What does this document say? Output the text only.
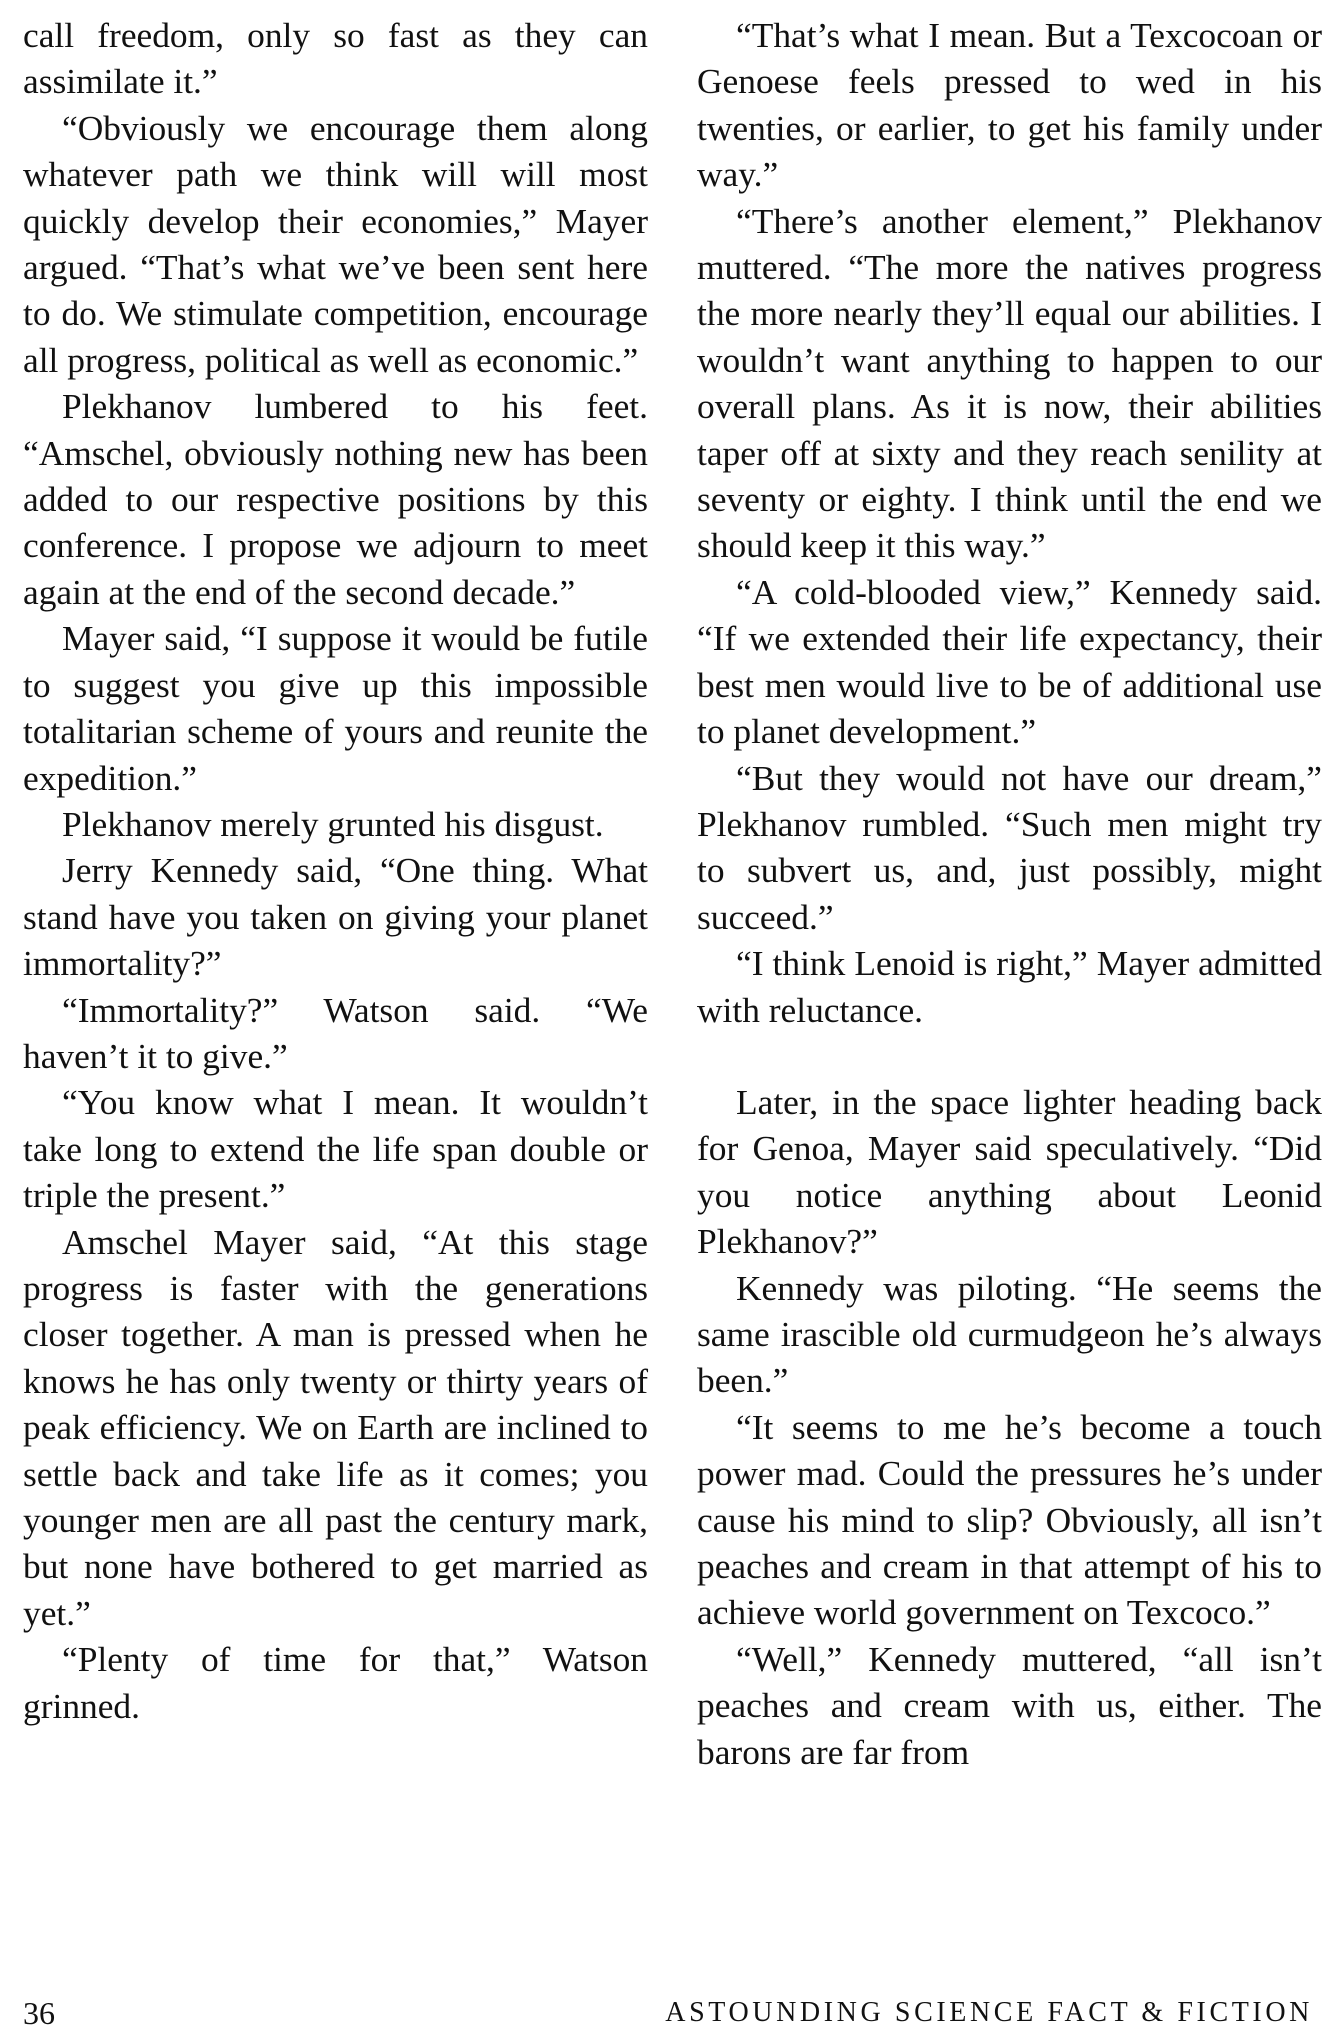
call freedom, only so fast as they can assimilate it.”

“Obviously we encourage them along whatever path we think will will most quickly develop their economies,” Mayer argued. “That’s what we’ve been sent here to do. We stimulate competition, encourage all progress, political as well as economic.”

Plekhanov lumbered to his feet. “Amschel, obviously nothing new has been added to our respective positions by this conference. I propose we adjourn to meet again at the end of the second decade.”

Mayer said, “I suppose it would be futile to suggest you give up this impossible totalitarian scheme of yours and reunite the expedition.”

Plekhanov merely grunted his disgust.

Jerry Kennedy said, “One thing. What stand have you taken on giving your planet immortality?”

“Immortality?” Watson said. “We haven’t it to give.”

“You know what I mean. It wouldn’t take long to extend the life span double or triple the present.”

Amschel Mayer said, “At this stage progress is faster with the generations closer together. A man is pressed when he knows he has only twenty or thirty years of peak efficiency. We on Earth are inclined to settle back and take life as it comes; you younger men are all past the century mark, but none have bothered to get married as yet.”

“Plenty of time for that,” Watson grinned.

“That’s what I mean. But a Texcocoan or Genoese feels pressed to wed in his twenties, or earlier, to get his family under way.”

“There’s another element,” Plekhanov muttered. “The more the natives progress the more nearly they’ll equal our abilities. I wouldn’t want anything to happen to our overall plans. As it is now, their abilities taper off at sixty and they reach senility at seventy or eighty. I think until the end we should keep it this way.”

“A cold-blooded view,” Kennedy said. “If we extended their life expectancy, their best men would live to be of additional use to planet development.”

“But they would not have our dream,” Plekhanov rumbled. “Such men might try to subvert us, and, just possibly, might succeed.”

“I think Lenoid is right,” Mayer admitted with reluctance.

Later, in the space lighter heading back for Genoa, Mayer said speculatively. “Did you notice anything about Leonid Plekhanov?”

Kennedy was piloting. “He seems the same irascible old curmudgeon he’s always been.”

“It seems to me he’s become a touch power mad. Could the pressures he’s under cause his mind to slip? Obviously, all isn’t peaches and cream in that attempt of his to achieve world government on Texcoco.”

“Well,” Kennedy muttered, “all isn’t peaches and cream with us, either. The barons are far from

36	ASTOUNDING SCIENCE FACT & FICTION
